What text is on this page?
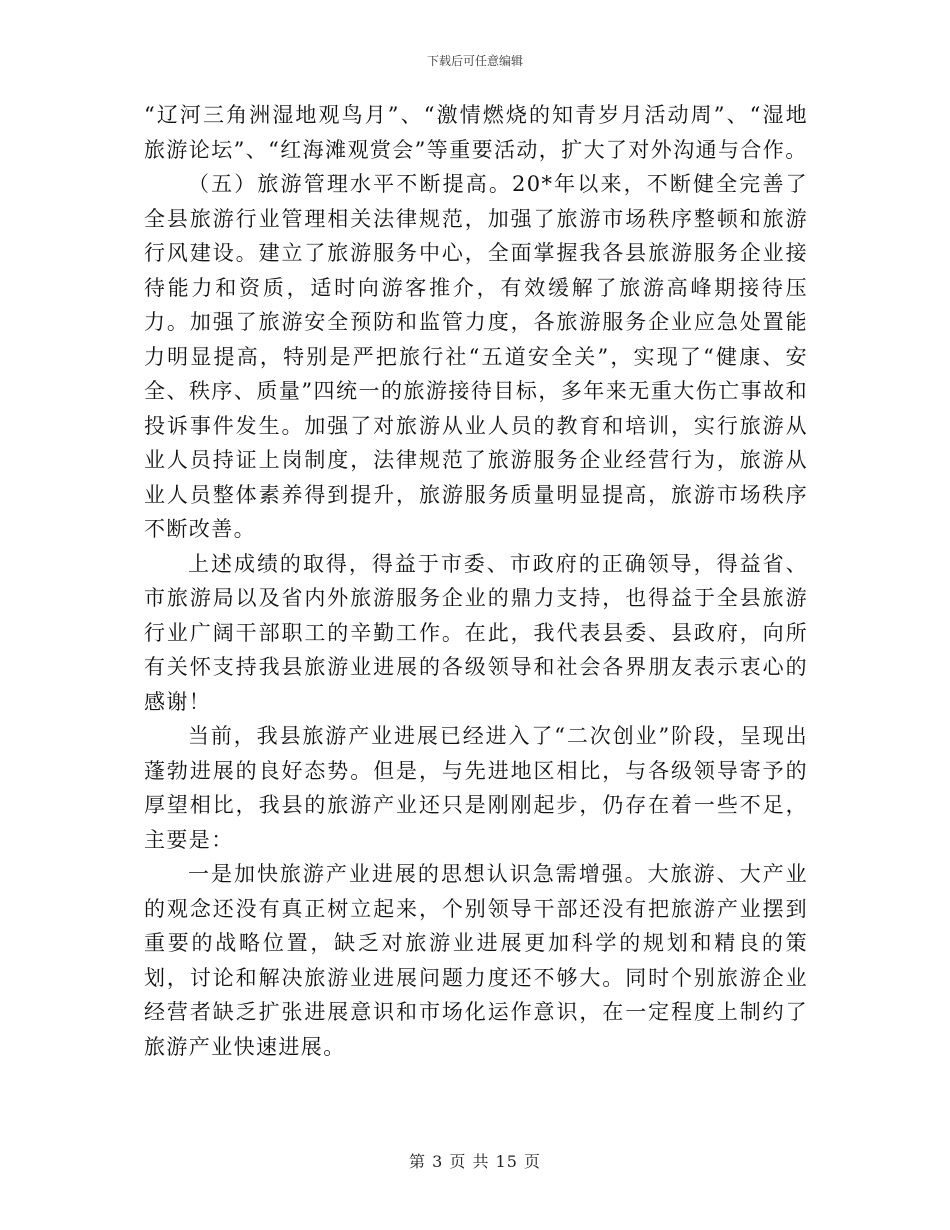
下载后可任意编辑

“辽河三角洲湿地观鸟月”、“激情燃烧的知青岁月活动周”、“湿地旅游论坛”、“红海滩观赏会”等重要活动，扩大了对外沟通与合作。

（五）旅游管理水平不断提高。20*年以来，不断健全完善了全县旅游行业管理相关法律规范，加强了旅游市场秩序整顿和旅游行风建设。建立了旅游服务中心，全面掌握我各县旅游服务企业接待能力和资质，适时向游客推介，有效缓解了旅游高峰期接待压力。加强了旅游安全预防和监管力度，各旅游服务企业应急处置能力明显提高，特别是严把旅行社“五道安全关”，实现了“健康、安全、秩序、质量”四统一的旅游接待目标，多年来无重大伤亡事故和投诉事件发生。加强了对旅游从业人员的教育和培训，实行旅游从业人员持证上岗制度，法律规范了旅游服务企业经营行为，旅游从业人员整体素养得到提升，旅游服务质量明显提高，旅游市场秩序不断改善。

上述成绩的取得，得益于市委、市政府的正确领导，得益省、市旅游局以及省内外旅游服务企业的鼎力支持，也得益于全县旅游行业广阔干部职工的辛勤工作。在此，我代表县委、县政府，向所有关怀支持我县旅游业进展的各级领导和社会各界朋友表示衷心的感谢！

当前，我县旅游产业进展已经进入了“二次创业”阶段，呈现出蓬勃进展的良好态势。但是，与先进地区相比，与各级领导寄予的厚望相比，我县的旅游产业还只是刚刚起步，仍存在着一些不足，主要是：

一是加快旅游产业进展的思想认识急需增强。大旅游、大产业的观念还没有真正树立起来，个别领导干部还没有把旅游产业摆到重要的战略位置，缺乏对旅游业进展更加科学的规划和精良的策划，讨论和解决旅游业进展问题力度还不够大。同时个别旅游企业经营者缺乏扩张进展意识和市场化运作意识，在一定程度上制约了旅游产业快速进展。

第 3 页 共 15 页
